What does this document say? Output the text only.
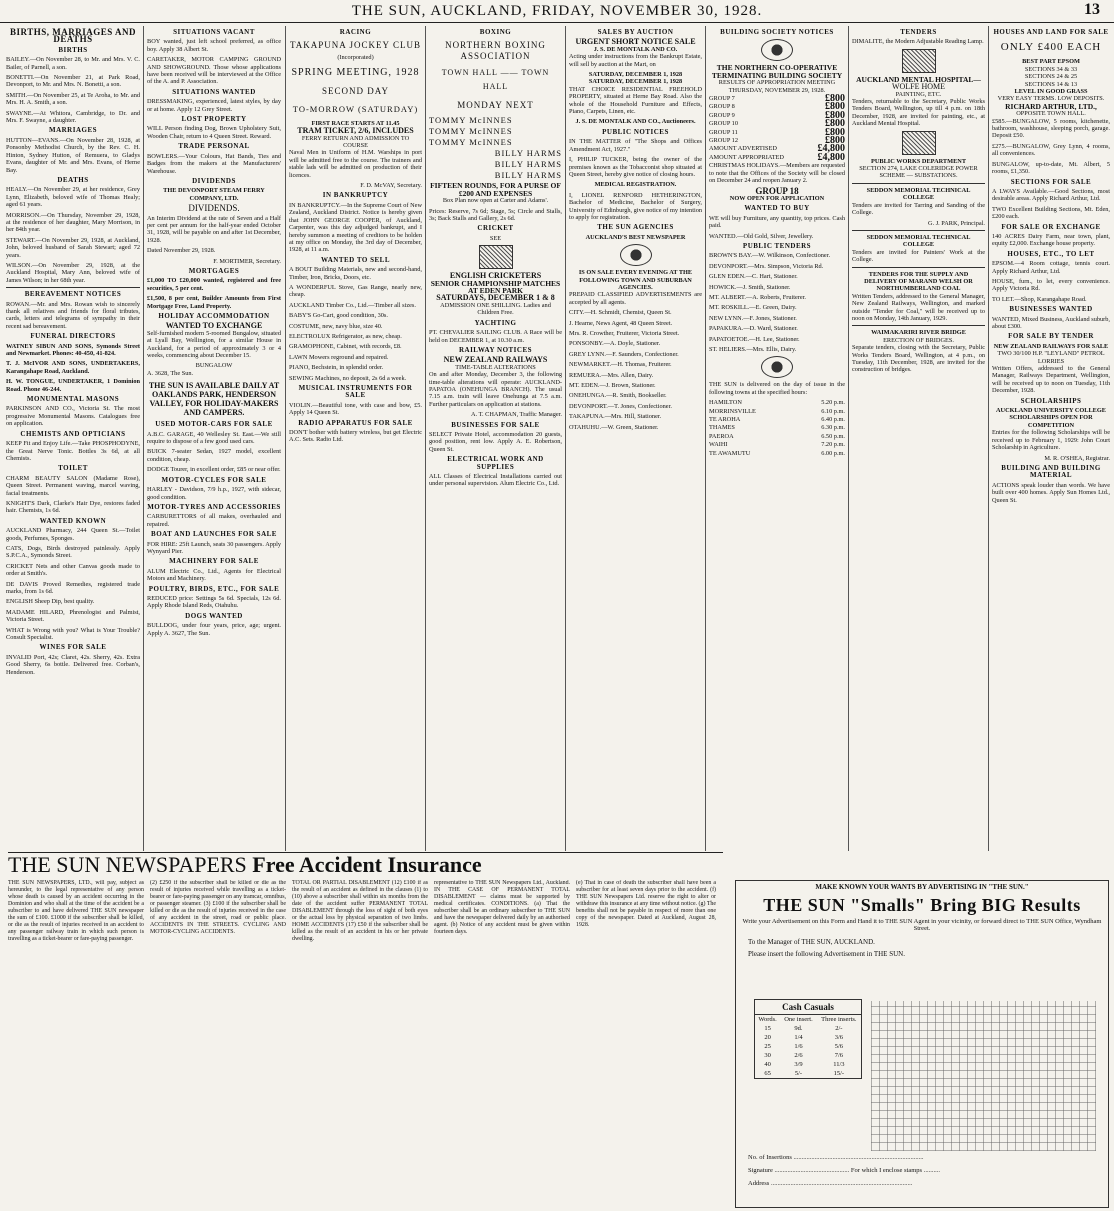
THE SUN, AUCKLAND, FRIDAY, NOVEMBER 30, 1928.	13
BIRTHS, MARRIAGES AND DEATHS
BIRTHS
BAILEY.—On November 28, to Mr. and Mrs. V. C. Bailer, of Parnell, a son.
BONETTI.—On November 21, at Park Road, Devonport, to Mr. and Mrs. N. Bonetti, a son.
SMITH.—On November 25, at Te Aroha, to Mr. and Mrs. H. A. Smith, a son.
SWAYNE.—At Whitora, Cambridge, to Dr. and Mrs. F. Swayne, a daughter.
MARRIAGES
HUTTON—EVANS.—On November 28, 1928, at Ponsonby Methodist Church, by the Rev. C. H. Hinton, Sydney Hutton, of Remuera, to Gladys Evans, daughter of Mr. and Mrs. Evans, of Herne Bay.
DEATHS
HEALY.—On November 29, at her residence, Grey Lynn, Elizabeth, beloved wife of Thomas Healy; aged 61 years.
MORRISON.—On Thursday, November 29, 1928, at the residence of her daughter, Mary Morrison, in her 84th year.
STEWART.—On November 29, 1928, at Auckland, John, beloved husband of Sarah Stewart; aged 72 years.
WILSON.—On November 29, 1928, at the Auckland Hospital, Mary Ann, beloved wife of James Wilson; in her 68th year.
BEREAVEMENT NOTICES
ROWAN.—Mr. and Mrs. Rowan wish to sincerely thank all relatives and friends for floral tributes, cards, letters and telegrams of sympathy in their recent sad bereavement.
FUNERAL DIRECTORS
WATNEY SIBUN AND SONS, Symonds Street and Newmarket. Phones: 40-450, 41-824.
T. J. McIVOR AND SONS, UNDERTAKERS, Karangahape Road, Auckland.
H. W. TONGUE, UNDERTAKER, 1 Dominion Road. Phone 46-244.
MONUMENTAL MASONS
PARKINSON AND CO., Victoria St. The most progressive Monumental Masons. Catalogues free on application.
CHEMISTS AND OPTICIANS
KEEP Fit and Enjoy Life.—Take PHOSPHODYNE, the Great Nerve Tonic. Bottles 3s 6d, at all Chemists.
TOILET
CHARM BEAUTY SALON (Madame Rose), Queen Street. Permanent waving, marcel waving, facial treatments.
KNIGHT'S Dark, Clarke's Hair Dye, restores faded hair. Chemists, 1s 6d.
WANTED KNOWN
AUCKLAND Pharmacy, 244 Queen St.—Toilet goods, Perfumes, Sponges.
CATS, Dogs, Birds destroyed painlessly. Apply S.P.C.A., Symonds Street.
CRICKET Nets and other Canvas goods made to order at Smith's.
DE DAVIS Proved Remedies, registered trade marks, from 1s 6d.
ENGLISH Sheep Dip, best quality.
MADAME HILARD, Phrenologist and Palmist, Victoria Street.
WHAT is Wrong with you? What is Your Trouble? Consult Specialist.
WINES FOR SALE
INVALID Port, 42s; Claret, 42s. Sherry, 42s. Extra Good Sherry, 6s bottle. Delivered free. Corban's, Henderson.
SITUATIONS VACANT
BOY wanted, just left school preferred, as office boy. Apply 38 Albert St.
CARETAKER, MOTOR CAMPING GROUND AND SHOWGROUND. Those whose applications have been received will be interviewed at the Office of the A. and P. Association.
SITUATIONS WANTED
DRESSMAKING, experienced, latest styles, by day or at home. Apply 12 Grey Street.
LOST PROPERTY
WILL Person finding Dog, Brown Upholstery Suit, Wooden Chair, return to 4 Queen Street. Reward.
TRADE PERSONAL
BOWLERS.—Your Colours, Hat Bands, Ties and Badges from the makers at the Manufacturers' Warehouse.
DIVIDENDS
THE DEVONPORT STEAM FERRY COMPANY, LTD.
DIVIDENDS.
An Interim Dividend at the rate of Seven and a Half per cent per annum for the half-year ended October 31, 1928, will be payable on and after 1st December, 1928.
Dated November 29, 1928.
F. MORTIMER, Secretary.
MORTGAGES
£1,000 TO £20,000 wanted, registered and free securities, 5 per cent.
£1,500, 8 per cent, Builder Amounts from First Mortgage Free, Land Property.
HOLIDAY ACCOMMODATION
WANTED TO EXCHANGE
Self-furnished modern 5-roomed Bungalow, situated at Lyall Bay, Wellington, for a similar House in Auckland, for a period of approximately 3 or 4 weeks, commencing about December 15.
BUNGALOW
A. 3628, The Sun.
THE SUN IS AVAILABLE DAILY AT OAKLANDS PARK, HENDERSON VALLEY, FOR HOLIDAY-MAKERS AND CAMPERS.
USED MOTOR-CARS FOR SALE
A.B.C. GARAGE, 40 Wellesley St. East.—We still require to dispose of a few good used cars.
BUICK 7-seater Sedan, 1927 model, excellent condition, cheap.
DODGE Tourer, in excellent order, £85 or near offer.
MOTOR-CYCLES FOR SALE
HARLEY - Davidson, 7/9 h.p., 1927, with sidecar, good condition.
MOTOR-TYRES AND ACCESSORIES
CARBURETTORS of all makes, overhauled and repaired.
BOAT AND LAUNCHES FOR SALE
FOR HIRE: 25ft Launch, seats 30 passengers. Apply Wynyard Pier.
MACHINERY FOR SALE
ALUM Electric Co., Ltd., Agents for Electrical Motors and Machinery.
POULTRY, BIRDS, ETC., FOR SALE
REDUCED price: Settings 5s 6d. Specials, 12s 6d. Apply Rhode Island Reds, Otahuhu.
DOGS WANTED
BULLDOG, under four years, price, age; urgent. Apply A. 3627, The Sun.
RACING
TAKAPUNA JOCKEY CLUB
(Incorporated)
SPRING MEETING, 1928
SECOND DAY
TO-MORROW (SATURDAY)
FIRST RACE STARTS AT 11.45
TRAM TICKET, 2/6, INCLUDES
FERRY RETURN AND ADMISSION TO COURSE
Naval Men in Uniform of H.M. Warships in port will be admitted free to the course. The trainers and stable lads will be admitted on production of their licences.
F. D. McVAY, Secretary.
IN BANKRUPTCY
IN BANKRUPTCY.—In the Supreme Court of New Zealand, Auckland District. Notice is hereby given that JOHN GEORGE COOPER, of Auckland, Carpenter, was this day adjudged bankrupt, and I hereby summon a meeting of creditors to be holden at my office on Monday, the 3rd day of December, 1928, at 11 a.m.
WANTED TO SELL
A BOUT Building Materials, new and second-hand, Timber, Iron, Bricks, Doors, etc.
A WONDERFUL Stove, Gas Range, nearly new, cheap.
AUCKLAND Timber Co., Ltd.—Timber all sizes.
BABY'S Go-Cart, good condition, 30s.
COSTUME, new, navy blue, size 40.
ELECTROLUX Refrigerator, as new, cheap.
GRAMOPHONE, Cabinet, with records, £8.
LAWN Mowers reground and repaired.
PIANO, Bechstein, in splendid order.
SEWING Machines, no deposit, 2s 6d a week.
MUSICAL INSTRUMENTS FOR SALE
VIOLIN.—Beautiful tone, with case and bow, £5. Apply 14 Queen St.
RADIO APPARATUS FOR SALE
DON'T bother with battery wireless, but get Electric A.C. Sets. Radio Ltd.
BOXING
NORTHERN BOXING ASSOCIATION
TOWN HALL —— TOWN HALL
MONDAY NEXT
TOMMY McINNES
TOMMY McINNES
TOMMY McINNES
BILLY HARMS
BILLY HARMS
BILLY HARMS
FIFTEEN ROUNDS, FOR A PURSE OF £200 AND EXPENSES
Box Plan now open at Carter and Adams'.
Prices: Reserve, 7s 6d; Stage, 5s; Circle and Stalls, 3s; Back Stalls and Gallery, 2s 6d.
CRICKET
SEE
ENGLISH CRICKETERS
SENIOR CHAMPIONSHIP MATCHES AT EDEN PARK
SATURDAYS, DECEMBER 1 & 8
ADMISSION ONE SHILLING. Ladies and Children Free.
YACHTING
PT. CHEVALIER SAILING CLUB. A Race will be held on DECEMBER 1, at 10.30 a.m.
RAILWAY NOTICES
NEW ZEALAND RAILWAYS
TIME-TABLE ALTERATIONS
On and after Monday, December 3, the following time-table alterations will operate: AUCKLAND-PAPATOA (ONEHUNGA BRANCH). The usual 7.15 a.m. train will leave Onehunga at 7.5 a.m. Further particulars on application at stations.
A. T. CHAPMAN, Traffic Manager.
BUSINESSES FOR SALE
SELECT Private Hotel, accommodation 20 guests, good position, rent low. Apply A. E. Robertson, Queen St.
ELECTRICAL WORK AND SUPPLIES
ALL Classes of Electrical Installations carried out under personal supervision. Alum Electric Co., Ltd.
SALES BY AUCTION
URGENT SHORT NOTICE SALE
J. S. DE MONTALK AND CO.
Acting under instructions from the Bankrupt Estate, will sell by auction at the Mart, on
SATURDAY, DECEMBER 1, 1928
SATURDAY, DECEMBER 1, 1928
THAT CHOICE RESIDENTIAL FREEHOLD PROPERTY, situated at Herne Bay Road. Also the whole of the Household Furniture and Effects, Piano, Carpets, Linen, etc.
J. S. DE MONTALK AND CO., Auctioneers.
PUBLIC NOTICES
IN THE MATTER of "The Shops and Offices Amendment Act, 1927."
I, PHILIP TUCKER, being the owner of the premises known as the Tobacconist shop situated at Queen Street, hereby give notice of closing hours.
MEDICAL REGISTRATION.
I, LIONEL RENFORD HETHERINGTON, Bachelor of Medicine, Bachelor of Surgery, University of Edinburgh, give notice of my intention to apply for registration.
THE SUN AGENCIES
AUCKLAND'S BEST NEWSPAPER
IS ON SALE EVERY EVENING AT THE FOLLOWING TOWN AND SUBURBAN AGENCIES.
PREPAID CLASSIFIED ADVERTISEMENTS are accepted by all agents.
CITY.—H. Schmidt, Chemist, Queen St.
J. Hearne, News Agent, 48 Queen Street.
Mrs. R. Crowther, Fruiterer, Victoria Street.
PONSONBY.—A. Doyle, Stationer.
GREY LYNN.—F. Saunders, Confectioner.
NEWMARKET.—H. Thomas, Fruiterer.
REMUERA.—Mrs. Allen, Dairy.
MT. EDEN.—J. Brown, Stationer.
ONEHUNGA.—R. Smith, Bookseller.
DEVONPORT.—T. Jones, Confectioner.
TAKAPUNA.—Mrs. Hill, Stationer.
OTAHUHU.—W. Green, Stationer.
BUILDING SOCIETY NOTICES
THE NORTHERN CO-OPERATIVE TERMINATING BUILDING SOCIETY
RESULTS OF APPROPRIATION MEETING
THURSDAY, NOVEMBER 29, 1928.
GROUP 7	£800
GROUP 8	£800
GROUP 9	£800
GROUP 10	£800
GROUP 11	£800
GROUP 12	£800
AMOUNT ADVERTISED	£4,800
AMOUNT APPROPRIATED	£4,800
CHRISTMAS HOLIDAYS.—Members are requested to note that the Offices of the Society will be closed on December 24 and reopen January 2.
GROUP 18
NOW OPEN FOR APPLICATION
WANTED TO BUY
WE will buy Furniture, any quantity, top prices. Cash paid.
WANTED.—Old Gold, Silver, Jewellery.
PUBLIC TENDERS
BROWN'S BAY.—W. Wilkinson, Confectioner.
DEVONPORT.—Mrs. Simpson, Victoria Rd.
GLEN EDEN.—C. Hart, Stationer.
HOWICK.—J. Smith, Stationer.
MT. ALBERT.—A. Roberts, Fruiterer.
MT. ROSKILL.—E. Green, Dairy.
NEW LYNN.—F. Jones, Stationer.
PAPAKURA.—D. Ward, Stationer.
PAPATOETOE.—H. Lee, Stationer.
ST. HELIERS.—Mrs. Ellis, Dairy.
THE SUN is delivered on the day of issue in the following towns at the specified hours:
HAMILTON	5.20 p.m.
MORRINSVILLE	6.10 p.m.
TE AROHA	6.40 p.m.
THAMES	6.30 p.m.
PAEROA	6.50 p.m.
WAIHI	7.20 p.m.
TE AWAMUTU	6.00 p.m.
TENDERS
DIMALITE, the Modern Adjustable Reading Lamp.
AUCKLAND MENTAL HOSPITAL—
WOLFE HOME
PAINTING, ETC.
Tenders, returnable to the Secretary, Public Works Tenders Board, Wellington, up till 4 p.m. on 18th December, 1928, are invited for painting, etc., at Auckland Mental Hospital.
PUBLIC WORKS DEPARTMENT
SECTION 274, LAKE COLERIDGE POWER SCHEME — SUBSTATIONS.
SEDDON MEMORIAL TECHNICAL COLLEGE
Tenders are invited for Tarring and Sanding of the College.
G. J. PARK, Principal.
SEDDON MEMORIAL TECHNICAL COLLEGE
Tenders are invited for Painters' Work at the College.
TENDERS FOR THE SUPPLY AND DELIVERY OF MARAND WELSH OR NORTHUMBERLAND COAL
Written Tenders, addressed to the General Manager, New Zealand Railways, Wellington, and marked outside "Tender for Coal," will be received up to noon on Monday, 14th January, 1929.
WAIMAKARIRI RIVER BRIDGE
ERECTION OF BRIDGES.
Separate tenders, closing with the Secretary, Public Works Tenders Board, Wellington, at 4 p.m., on Tuesday, 11th December, 1928, are invited for the construction of bridges.
HOUSES AND LAND FOR SALE
ONLY £400 EACH
BEST PART EPSOM
SECTIONS 34 & 33
SECTIONS 24 & 25
SECTIONS 14 & 13
LEVEL IN GOOD GRASS
VERY EASY TERMS. LOW DEPOSITS.
RICHARD ARTHUR, LTD.,
OPPOSITE TOWN HALL.
£585.—BUNGALOW, 5 rooms, kitchenette, bathroom, washhouse, sleeping porch, garage. Deposit £50.
£275.—BUNGALOW, Grey Lynn, 4 rooms, all conveniences.
BUNGALOW, up-to-date, Mt. Albert, 5 rooms, £1,350.
SECTIONS FOR SALE
A LWAYS Available.—Good Sections, most desirable areas. Apply Richard Arthur, Ltd.
TWO Excellent Building Sections, Mt. Eden, £200 each.
FOR SALE OR EXCHANGE
140 ACRES Dairy Farm, near town, plant, equity £2,000. Exchange house property.
HOUSES, ETC., TO LET
EPSOM.—4 Room cottage, tennis court. Apply Richard Arthur, Ltd.
HOUSE, furn., to let, every convenience. Apply Victoria Rd.
TO LET.—Shop, Karangahape Road.
BUSINESSES WANTED
WANTED, Mixed Business, Auckland suburb, about £300.
FOR SALE BY TENDER
NEW ZEALAND RAILWAYS FOR SALE
TWO 30/100 H.P. "LEYLAND" PETROL LORRIES
Written Offers, addressed to the General Manager, Railways Department, Wellington, will be received up to noon on Tuesday, 11th December, 1928.
SCHOLARSHIPS
AUCKLAND UNIVERSITY COLLEGE SCHOLARSHIPS OPEN FOR COMPETITION
Entries for the following Scholarships will be received up to February 1, 1929: John Court Scholarship in Agriculture.
M. R. O'SHEA, Registrar.
BUILDING AND BUILDING MATERIAL
ACTIONS speak louder than words. We have built over 400 homes. Apply Sun Homes Ltd., Queen St.
THE SUN NEWSPAPERS Free Accident Insurance
THE SUN NEWSPAPERS, LTD., will pay, subject as hereunder, to the legal representative of any person whose death is caused by an accident occurring in the Dominion and who shall at the time of the accident be a subscriber to and have delivered THE SUN newspaper the sum of £100. £1000 if the subscriber shall be killed, or die as the result of injuries received in an accident to any passenger railway train in which such person is travelling as a ticket-bearer or fare-paying passenger.
(2) £250 if the subscriber shall be killed or die as the result of injuries received while travelling as a ticket-bearer or fare-paying passenger on any tramcar, omnibus, or passenger steamer. (3) £100 if the subscriber shall be killed or die as the result of injuries received in the case of any accident in the street, road or public place. ACCIDENTS IN THE STREETS. CYCLING AND MOTOR-CYCLING ACCIDENTS.
TOTAL OR PARTIAL DISABLEMENT (12) £100 if as the result of an accident as defined in the clauses (1) to (10) above a subscriber shall within six months from the date of the accident suffer PERMANENT TOTAL DISABLEMENT through the loss of sight of both eyes or the actual loss by physical separation of two limbs. HOME ACCIDENTS (17) £50 if the subscriber shall be killed as the result of an accident in his or her private dwelling.
representative to THE SUN Newspapers Ltd., Auckland. IN THE CASE OF PERMANENT TOTAL DISABLEMENT — claims must be supported by medical certificates. CONDITIONS. (a) That the subscriber shall be an ordinary subscriber to THE SUN and have the newspaper delivered daily by an authorised agent. (b) Notice of any accident must be given within fourteen days.
(e) That in case of death the subscriber shall have been a subscriber for at least seven days prior to the accident. (f) THE SUN Newspapers Ltd. reserve the right to alter or withdraw this insurance at any time without notice. (g) The benefits shall not be payable in respect of more than one copy of the newspaper. Dated at Auckland, August 28, 1928.
MAKE KNOWN YOUR WANTS BY ADVERTISING IN "THE SUN."
THE SUN "Smalls" Bring BIG Results
Write your Advertisement on this Form and Hand it to THE SUN Agent in your vicinity, or forward direct to THE SUN Office, Wyndham Street.
To the Manager of THE SUN, AUCKLAND.
Please insert the following Advertisement in THE SUN.
Cash Casuals
Words.	One insert.	Three inserts.
15	9d.	2/-
20	1/4	3/6
25	1/6	5/6
30	2/6	7/6
40	3/9	11/3
65	5/-	15/-
No. of Insertions ................................................................................
Signature .............................................. For which I enclose stamps ..........
Address .......................................................................................
